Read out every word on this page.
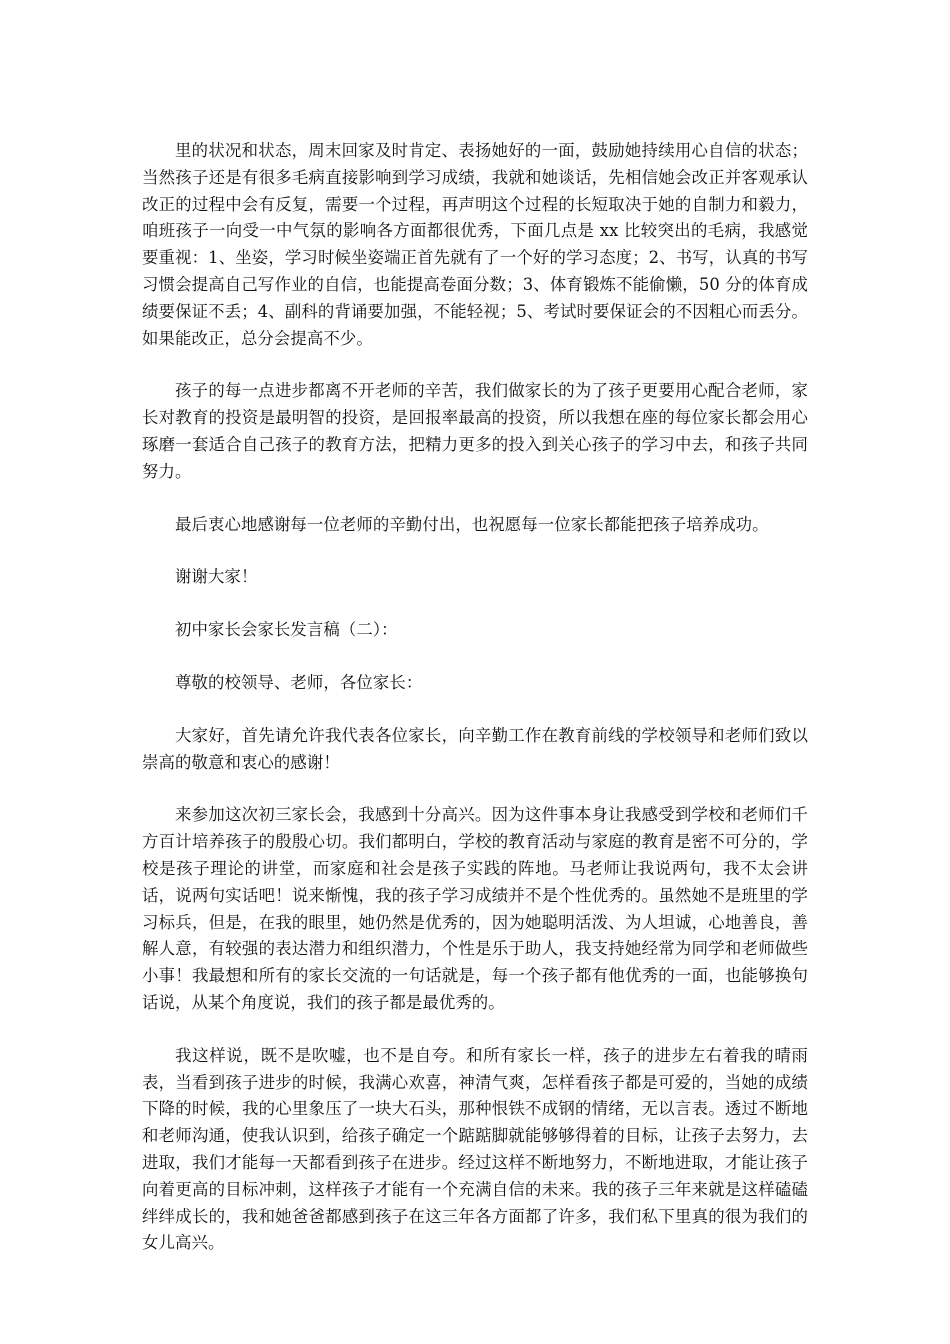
里的状况和状态，周末回家及时肯定、表扬她好的一面，鼓励她持续用心自信的状态；当然孩子还是有很多毛病直接影响到学习成绩，我就和她谈话，先相信她会改正并客观承认改正的过程中会有反复，需要一个过程，再声明这个过程的长短取决于她的自制力和毅力，咱班孩子一向受一中气氛的影响各方面都很优秀，下面几点是 xx 比较突出的毛病，我感觉要重视：1、坐姿，学习时候坐姿端正首先就有了一个好的学习态度；2、书写，认真的书写习惯会提高自己写作业的自信，也能提高卷面分数；3、体育锻炼不能偷懒，50 分的体育成绩要保证不丢；4、副科的背诵要加强，不能轻视；5、考试时要保证会的不因粗心而丢分。如果能改正，总分会提高不少。

孩子的每一点进步都离不开老师的辛苦，我们做家长的为了孩子更要用心配合老师，家长对教育的投资是最明智的投资，是回报率最高的投资，所以我想在座的每位家长都会用心琢磨一套适合自己孩子的教育方法，把精力更多的投入到关心孩子的学习中去，和孩子共同努力。

最后衷心地感谢每一位老师的辛勤付出，也祝愿每一位家长都能把孩子培养成功。

谢谢大家！

初中家长会家长发言稿（二）：

尊敬的校领导、老师，各位家长：

大家好，首先请允许我代表各位家长，向辛勤工作在教育前线的学校领导和老师们致以崇高的敬意和衷心的感谢！

来参加这次初三家长会，我感到十分高兴。因为这件事本身让我感受到学校和老师们千方百计培养孩子的殷殷心切。我们都明白，学校的教育活动与家庭的教育是密不可分的，学校是孩子理论的讲堂，而家庭和社会是孩子实践的阵地。马老师让我说两句，我不太会讲话，说两句实话吧！说来惭愧，我的孩子学习成绩并不是个性优秀的。虽然她不是班里的学习标兵，但是，在我的眼里，她仍然是优秀的，因为她聪明活泼、为人坦诚，心地善良，善解人意，有较强的表达潜力和组织潜力，个性是乐于助人，我支持她经常为同学和老师做些小事！我最想和所有的家长交流的一句话就是，每一个孩子都有他优秀的一面，也能够换句话说，从某个角度说，我们的孩子都是最优秀的。

我这样说，既不是吹嘘，也不是自夸。和所有家长一样，孩子的进步左右着我的晴雨表，当看到孩子进步的时候，我满心欢喜，神清气爽，怎样看孩子都是可爱的，当她的成绩下降的时候，我的心里象压了一块大石头，那种恨铁不成钢的情绪，无以言表。透过不断地和老师沟通，使我认识到，给孩子确定一个踮踮脚就能够够得着的目标，让孩子去努力，去进取，我们才能每一天都看到孩子在进步。经过这样不断地努力，不断地进取，才能让孩子向着更高的目标冲刺，这样孩子才能有一个充满自信的未来。我的孩子三年来就是这样磕磕绊绊成长的，我和她爸爸都感到孩子在这三年各方面都了许多，我们私下里真的很为我们的女儿高兴。
